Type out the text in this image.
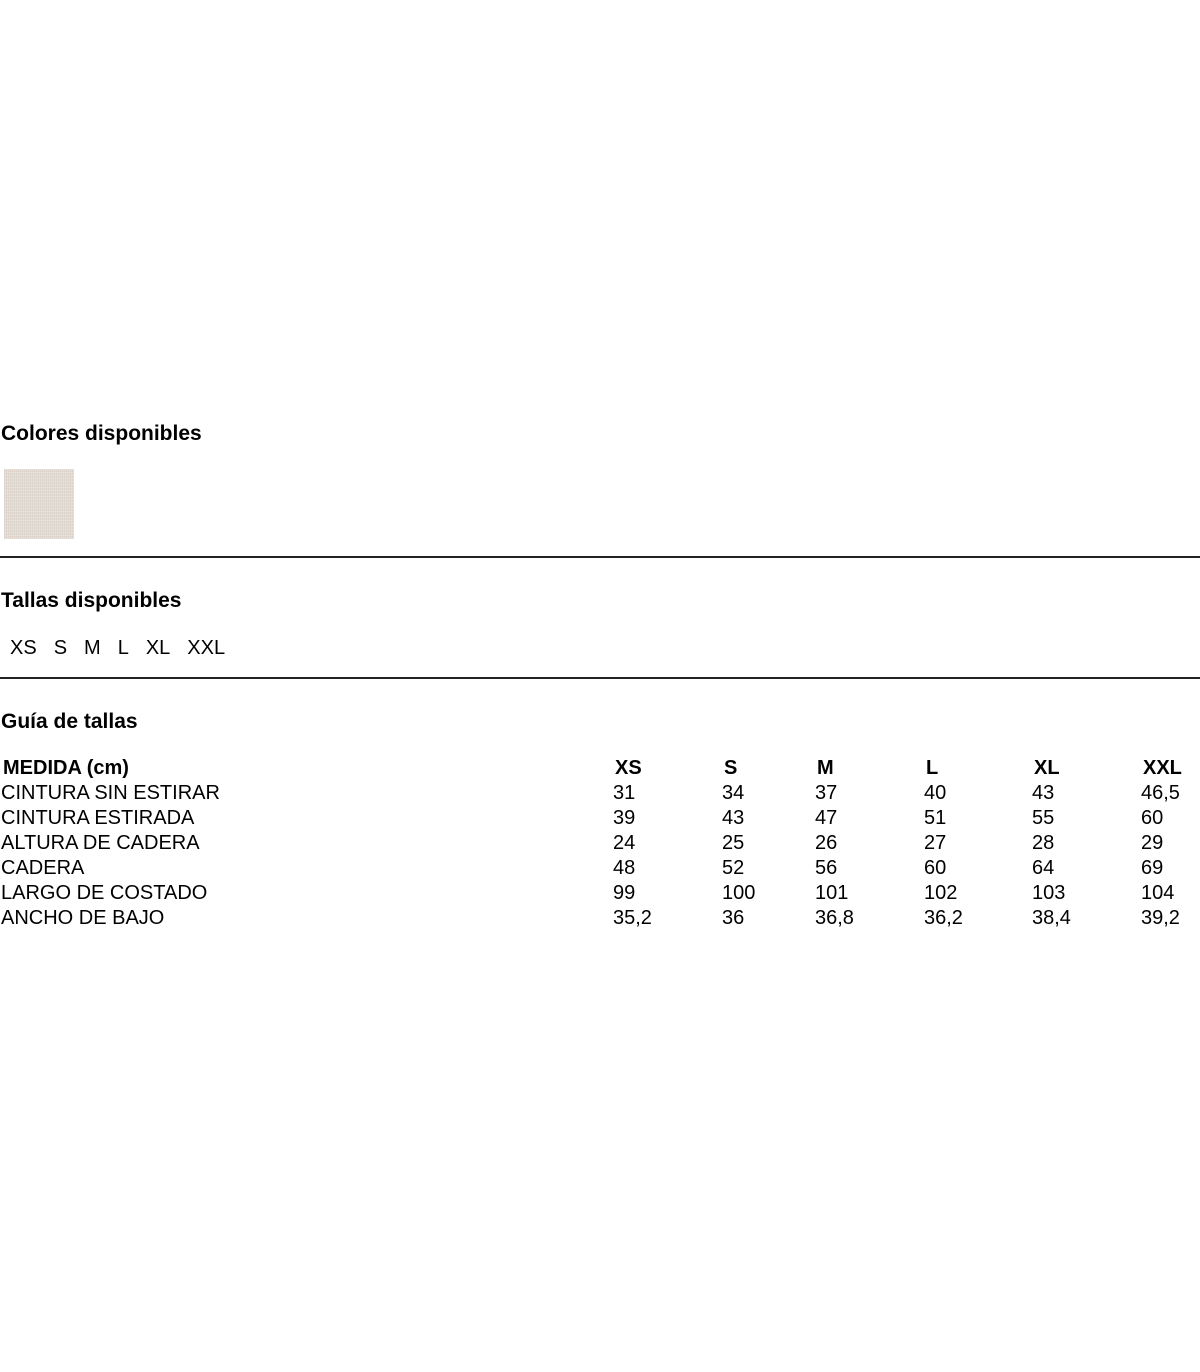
Colores disponibles
Tallas disponibles
XS S M L XL XXL
Guía de tallas
MEDIDA (cm)	XS	S	M	L	XL	XXL
CINTURA SIN ESTIRAR	31	34	37	40	43	46,5
CINTURA ESTIRADA	39	43	47	51	55	60
ALTURA DE CADERA	24	25	26	27	28	29
CADERA	48	52	56	60	64	69
LARGO DE COSTADO	99	100	101	102	103	104
ANCHO DE BAJO	35,2	36	36,8	36,2	38,4	39,2
